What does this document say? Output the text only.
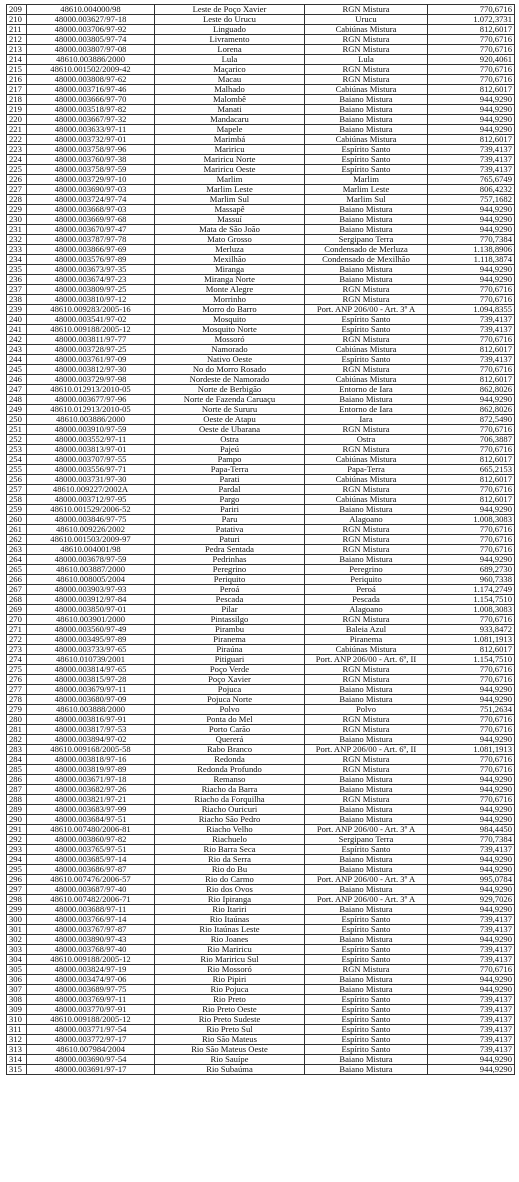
209	48610.004000/98	Leste de Poço Xavier	RGN Mistura	770,6716
210	48000.003627/97-18	Leste do Urucu	Urucu	1.072,3731
211	48000.003706/97-92	Linguado	Cabiúnas Mistura	812,6017
212	48000.003805/97-74	Livramento	RGN Mistura	770,6716
213	48000.003807/97-08	Lorena	RGN Mistura	770,6716
214	48610.003886/2000	Lula	Lula	920,4061
215	48610.001502/2009-42	Maçarico	RGN Mistura	770,6716
216	48000.003808/97-62	Macau	RGN Mistura	770,6716
217	48000.003716/97-46	Malhado	Cabiúnas Mistura	812,6017
218	48000.003666/97-70	Malombê	Baiano Mistura	944,9290
219	48000.003518/97-82	Manati	Baiano Mistura	944,9290
220	48000.003667/97-32	Mandacaru	Baiano Mistura	944,9290
221	48000.003633/97-11	Mapele	Baiano Mistura	944,9290
222	48000.003732/97-01	Marimbá	Cabiúnas Mistura	812,6017
223	48000.003758/97-96	Mariricu	Espírito Santo	739,4137
224	48000.003760/97-38	Mariricu Norte	Espírito Santo	739,4137
225	48000.003758/97-59	Mariricu Oeste	Espírito Santo	739,4137
226	48000.003729/97-10	Marlim	Marlim	765,6749
227	48000.003690/97-03	Marlim Leste	Marlim Leste	806,4232
228	48000.003724/97-74	Marlim Sul	Marlim Sul	757,1682
229	48000.003668/97-03	Massapê	Baiano Mistura	944,9290
230	48000.003669/97-68	Massuí	Baiano Mistura	944,9290
231	48000.003670/97-47	Mata de São João	Baiano Mistura	944,9290
232	48000.003787/97-78	Mato Grosso	Sergipano Terra	770,7384
233	48000.003866/97-69	Merluza	Condensado de Merluza	1.138,8906
234	48000.003576/97-89	Mexilhão	Condensado de Mexilhão	1.118,3874
235	48000.003673/97-35	Miranga	Baiano Mistura	944,9290
236	48000.003674/97-23	Miranga Norte	Baiano Mistura	944,9290
237	48000.003809/97-25	Monte Alegre	RGN Mistura	770,6716
238	48000.003810/97-12	Morrinho	RGN Mistura	770,6716
239	48610.009283/2005-16	Morro do Barro	Port. ANP 206/00 - Art. 3º A	1.094,8355
240	48000.003541/97-02	Mosquito	Espírito Santo	739,4137
241	48610.009188/2005-12	Mosquito Norte	Espírito Santo	739,4137
242	48000.003811/97-77	Mossoró	RGN Mistura	770,6716
243	48000.003728/97-25	Namorado	Cabiúnas Mistura	812,6017
244	48000.003761/97-09	Nativo Oeste	Espírito Santo	739,4137
245	48000.003812/97-30	No do Morro Rosado	RGN Mistura	770,6716
246	48000.003729/97-98	Nordeste de Namorado	Cabiúnas Mistura	812,6017
247	48610.012913/2010-05	Norte de Berbigão	Entorno de Iara	862,8026
248	48000.003677/97-96	Norte de Fazenda Caruaçu	Baiano Mistura	944,9290
249	48610.012913/2010-05	Norte de Sururu	Entorno de Iara	862,8026
250	48610.003886/2000	Oeste de Atapu	Iara	872,5490
251	48000.003910/97-59	Oeste de Ubarana	RGN Mistura	770,6716
252	48000.003552/97-11	Ostra	Ostra	706,3887
253	48000.003813/97-01	Pajeú	RGN Mistura	770,6716
254	48000.003707/97-55	Pampo	Cabiúnas Mistura	812,6017
255	48000.003556/97-71	Papa-Terra	Papa-Terra	665,2153
256	48000.003731/97-30	Parati	Cabiúnas Mistura	812,6017
257	48610.009227/2002A	Pardal	RGN Mistura	770,6716
258	48000.003712/97-95	Pargo	Cabiúnas Mistura	812,6017
259	48610.001529/2006-52	Pariri	Baiano Mistura	944,9290
260	48000.003846/97-75	Paru	Alagoano	1.008,3083
261	48610.009226/2002	Patativa	RGN Mistura	770,6716
262	48610.001503/2009-97	Paturi	RGN Mistura	770,6716
263	48610.004001/98	Pedra Sentada	RGN Mistura	770,6716
264	48000.003678/97-59	Pedrinhas	Baiano Mistura	944,9290
265	48610.003887/2000	Peregrino	Peregrino	689,2730
266	48610.008005/2004	Periquito	Periquito	960,7338
267	48000.003903/97-93	Peroá	Peroá	1.174,2749
268	48000.003912/97-84	Pescada	Pescada	1.154,7510
269	48000.003850/97-01	Pilar	Alagoano	1.008,3083
270	48610.003901/2000	Pintassilgo	RGN Mistura	770,6716
271	48000.003560/97-49	Pirambu	Baleia Azul	933,8472
272	48000.003495/97-89	Piranema	Piranema	1.081,1913
273	48000.003733/97-65	Piraúna	Cabiúnas Mistura	812,6017
274	48610.010739/2001	Pitiguari	Port. ANP 206/00 - Art. 6º, II	1.154,7510
275	48000.003814/97-65	Poço Verde	RGN Mistura	770,6716
276	48000.003815/97-28	Poço Xavier	RGN Mistura	770,6716
277	48000.003679/97-11	Pojuca	Baiano Mistura	944,9290
278	48000.003680/97-09	Pojuca Norte	Baiano Mistura	944,9290
279	48610.003888/2000	Polvo	Polvo	751,2634
280	48000.003816/97-91	Ponta do Mel	RGN Mistura	770,6716
281	48000.003817/97-53	Porto Carão	RGN Mistura	770,6716
282	48000.003894/97-02	Quererá	Baiano Mistura	944,9290
283	48610.009168/2005-58	Rabo Branco	Port. ANP 206/00 - Art. 6º, II	1.081,1913
284	48000.003818/97-16	Redonda	RGN Mistura	770,6716
285	48000.003819/97-89	Redonda Profundo	RGN Mistura	770,6716
286	48000.003671/97-18	Remanso	Baiano Mistura	944,9290
287	48000.003682/97-26	Riacho da Barra	Baiano Mistura	944,9290
288	48000.003821/97-21	Riacho da Forquilha	RGN Mistura	770,6716
289	48000.003683/97-99	Riacho Ouricuri	Baiano Mistura	944,9290
290	48000.003684/97-51	Riacho São Pedro	Baiano Mistura	944,9290
291	48610.007480/2006-81	Riacho Velho	Port. ANP 206/00 - Art. 3º A	984,4450
292	48000.003860/97-82	Riachuelo	Sergipano Terra	770,7384
293	48000.003765/97-51	Rio Barra Seca	Espírito Santo	739,4137
294	48000.003685/97-14	Rio da Serra	Baiano Mistura	944,9290
295	48000.003686/97-87	Rio do Bu	Baiano Mistura	944,9290
296	48610.007476/2006-57	Rio do Carmo	Port. ANP 206/00 - Art. 3º A	995,0784
297	48000.003687/97-40	Rio dos Ovos	Baiano Mistura	944,9290
298	48610.007482/2006-71	Rio Ipiranga	Port. ANP 206/00 - Art. 3º A	929,7026
299	48000.003688/97-11	Rio Itariri	Baiano Mistura	944,9290
300	48000.003766/97-14	Rio Itaúnas	Espírito Santo	739,4137
301	48000.003767/97-87	Rio Itaúnas Leste	Espírito Santo	739,4137
302	48000.003890/97-43	Rio Joanes	Baiano Mistura	944,9290
303	48000.003768/97-40	Rio Mariricu	Espírito Santo	739,4137
304	48610.009188/2005-12	Rio Mariricu Sul	Espírito Santo	739,4137
305	48000.003824/97-19	Rio Mossoró	RGN Mistura	770,6716
306	48000.003474/97-06	Rio Pipiri	Baiano Mistura	944,9290
307	48000.003689/97-75	Rio Pojuca	Baiano Mistura	944,9290
308	48000.003769/97-11	Rio Preto	Espírito Santo	739,4137
309	48000.003770/97-91	Rio Preto Oeste	Espírito Santo	739,4137
310	48610.009188/2005-12	Rio Preto Sudeste	Espírito Santo	739,4137
311	48000.003771/97-54	Rio Preto Sul	Espírito Santo	739,4137
312	48000.003772/97-17	Rio São Mateus	Espírito Santo	739,4137
313	48610.007984/2004	Rio São Mateus Oeste	Espírito Santo	739,4137
314	48000.003690/97-54	Rio Sauípe	Baiano Mistura	944,9290
315	48000.003691/97-17	Rio Subaúma	Baiano Mistura	944,9290
